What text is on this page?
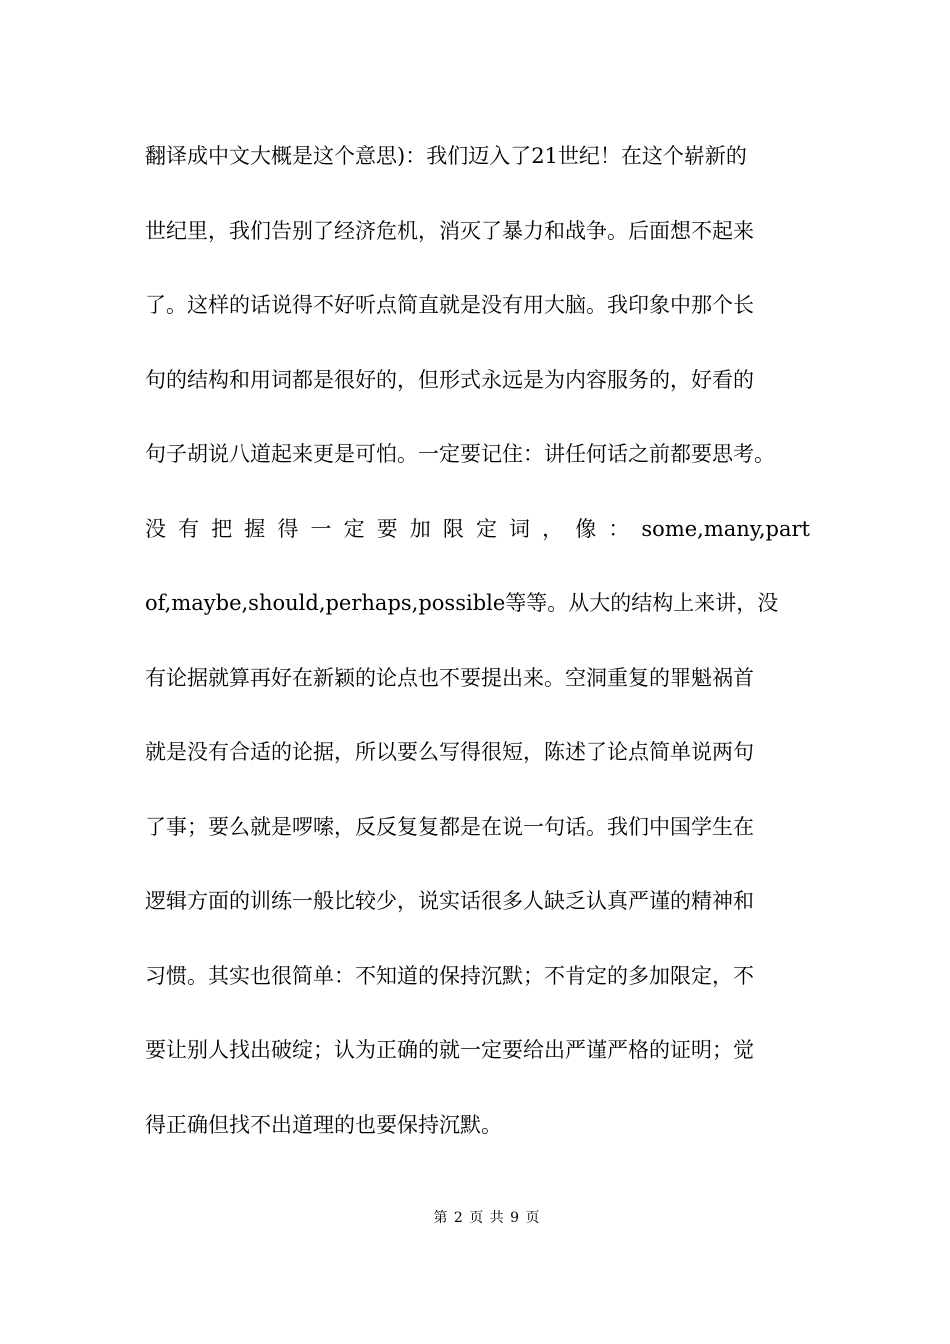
翻译成中文大概是这个意思)：我们迈入了21世纪！在这个崭新的
世纪里，我们告别了经济危机，消灭了暴力和战争。后面想不起来
了。这样的话说得不好听点简直就是没有用大脑。我印象中那个长
句的结构和用词都是很好的，但形式永远是为内容服务的，好看的
句子胡说八道起来更是可怕。一定要记住：讲任何话之前都要思考。
没 有 把 握 得 一 定 要 加 限 定 词 ， 像 ： some,many,part
of,maybe,should,perhaps,possible等等。从大的结构上来讲，没
有论据就算再好在新颖的论点也不要提出来。空洞重复的罪魁祸首
就是没有合适的论据，所以要么写得很短，陈述了论点简单说两句
了事；要么就是啰嗦，反反复复都是在说一句话。我们中国学生在
逻辑方面的训练一般比较少，说实话很多人缺乏认真严谨的精神和
习惯。其实也很简单：不知道的保持沉默；不肯定的多加限定，不
要让别人找出破绽；认为正确的就一定要给出严谨严格的证明；觉
得正确但找不出道理的也要保持沉默。
第 2 页 共 9 页
